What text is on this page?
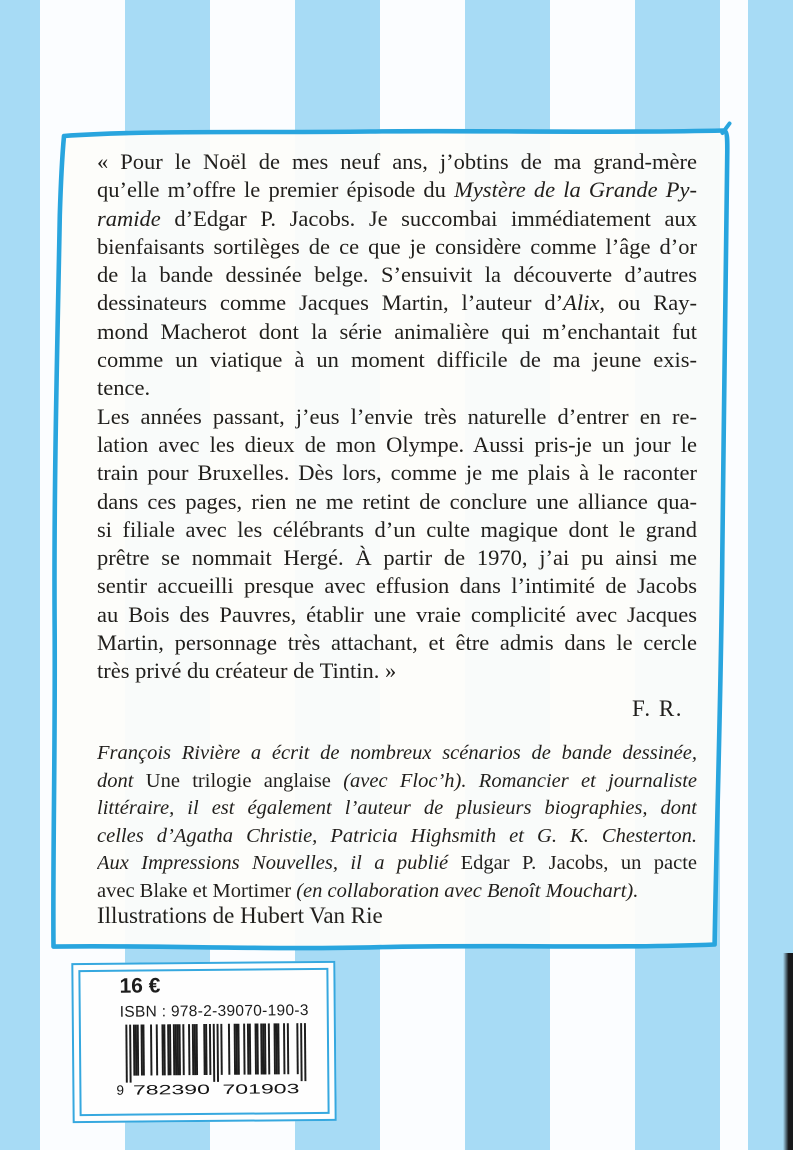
« Pour le Noël de mes neuf ans, j’obtins de ma grand-mère
qu’elle m’offre le premier épisode du Mystère de la Grande Py-
ramide d’Edgar P. Jacobs. Je succombai immédiatement aux
bienfaisants sortilèges de ce que je considère comme l’âge d’or
de la bande dessinée belge. S’ensuivit la découverte d’autres
dessinateurs comme Jacques Martin, l’auteur d’Alix, ou Ray-
mond Macherot dont la série animalière qui m’enchantait fut
comme un viatique à un moment difficile de ma jeune exis-
tence.
Les années passant, j’eus l’envie très naturelle d’entrer en re-
lation avec les dieux de mon Olympe. Aussi pris-je un jour le
train pour Bruxelles. Dès lors, comme je me plais à le raconter
dans ces pages, rien ne me retint de conclure une alliance qua-
si filiale avec les célébrants d’un culte magique dont le grand
prêtre se nommait Hergé. À partir de 1970, j’ai pu ainsi me
sentir accueilli presque avec effusion dans l’intimité de Jacobs
au Bois des Pauvres, établir une vraie complicité avec Jacques
Martin, personnage très attachant, et être admis dans le cercle
très privé du créateur de Tintin. »
F. R.
François Rivière a écrit de nombreux scénarios de bande dessinée,
dont Une trilogie anglaise (avec Floc’h). Romancier et journaliste
littéraire, il est également l’auteur de plusieurs biographies, dont
celles d’Agatha Christie, Patricia Highsmith et G. K. Chesterton.
Aux Impressions Nouvelles, il a publié Edgar P. Jacobs, un pacte
avec Blake et Mortimer (en collaboration avec Benoît Mouchart).
Illustrations de Hubert Van Rie
16 €
ISBN : 978-2-39070-190-3
9 782390	701903
